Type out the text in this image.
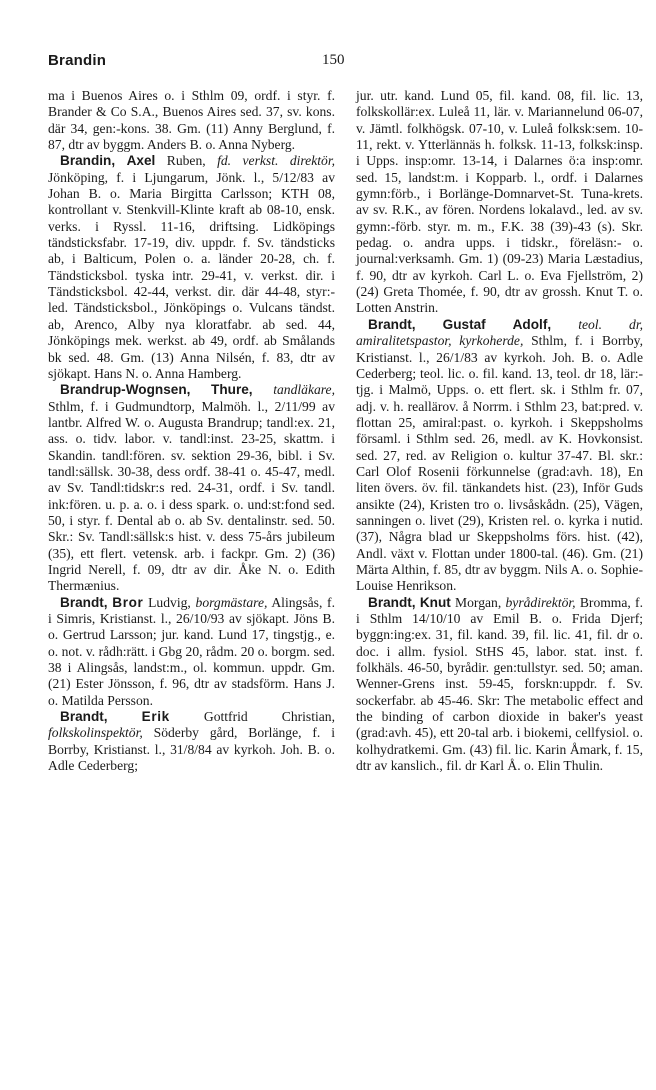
Brandin	150

ma i Buenos Aires o. i Sthlm 09, ordf. i styr. f. Brander & Co S.A., Buenos Aires sed. 37, sv. kons. där 34, gen:-kons. 38. Gm. (11) Anny Berglund, f. 87, dtr av byggm. Anders B. o. Anna Nyberg.

Brandin, Axel Ruben, fd. verkst. direktör, Jönköping, f. i Ljungarum, Jönk. l., 5/12/83 av Johan B. o. Maria Birgitta Carlsson; KTH 08, kontrollant v. Stenkvill-Klinte kraft ab 08-10, ensk. verks. i Ryssl. 11-16, driftsing. Lidköpings tändsticksfabr. 17-19, div. uppdr. f. Sv. tändsticks ab, i Balticum, Polen o. a. länder 20-28, ch. f. Tändsticksbol. tyska intr. 29-41, v. verkst. dir. i Tändsticksbol. 42-44, verkst. dir. där 44-48, styr:-led. Tändsticksbol., Jönköpings o. Vulcans tändst. ab, Arenco, Alby nya kloratfabr. ab sed. 44, Jönköpings mek. werkst. ab 49, ordf. ab Smålands bk sed. 48. Gm. (13) Anna Nilsén, f. 83, dtr av sjökapt. Hans N. o. Anna Hamberg.

Brandrup-Wognsen, Thure, tandläkare, Sthlm, f. i Gudmundtorp, Malmöh. l., 2/11/99 av lantbr. Alfred W. o. Augusta Brandrup; tandl:ex. 21, ass. o. tidv. labor. v. tandl:inst. 23-25, skattm. i Skandin. tandl:fören. sv. sektion 29-36, bibl. i Sv. tandl:sällsk. 30-38, dess ordf. 38-41 o. 45-47, medl. av Sv. Tandl:tidskr:s red. 24-31, ordf. i Sv. tandl. ink:fören. u. p. a. o. i dess spark. o. und:st:fond sed. 50, i styr. f. Dental ab o. ab Sv. dentalinstr. sed. 50. Skr.: Sv. Tandl:sällsk:s hist. v. dess 75-års jubileum (35), ett flert. vetensk. arb. i fackpr. Gm. 2) (36) Ingrid Nerell, f. 09, dtr av dir. Åke N. o. Edith Thermænius.

Brandt, Bror Ludvig, borgmästare, Alingsås, f. i Simris, Kristianst. l., 26/10/93 av sjökapt. Jöns B. o. Gertrud Larsson; jur. kand. Lund 17, tingstjg., e. o. not. v. rådh:rätt. i Gbg 20, rådm. 20 o. borgm. sed. 38 i Alingsås, landst:m., ol. kommun. uppdr. Gm. (21) Ester Jönsson, f. 96, dtr av stadsförm. Hans J. o. Matilda Persson.

Brandt,	Erik	Gottfrid Christian, folkskolinspektör, Söderby gård, Borlänge, f. i Borrby, Kristianst. l., 31/8/84 av kyrkoh. Joh. B. o. Adle Cederberg;

jur. utr. kand. Lund 05, fil. kand. 08, fil. lic. 13, folkskollär:ex. Luleå 11, lär. v. Mariannelund 06-07, v. Jämtl. folkhögsk. 07-10, v. Luleå folksk:sem. 10-11, rekt. v. Ytterlännäs h. folksk. 11-13, folksk:insp. i Upps. insp:omr. 13-14, i Dalarnes ö:a insp:omr. sed. 15, landst:m. i Kopparb. l., ordf. i Dalarnes gymn:förb., i Borlänge-Domnarvet-St. Tuna-krets. av sv. R.K., av fören. Nordens lokalavd., led. av sv. gymn:-förb. styr. m. m., F.K. 38 (39)-43 (s). Skr. pedag. o. andra upps. i tidskr., föreläsn:- o. journal:verksamh. Gm. 1) (09-23) Maria Læstadius, f. 90, dtr av kyrkoh. Carl L. o. Eva Fjellström, 2) (24) Greta Thomée, f. 90, dtr av grossh. Knut T. o. Lotten Anstrin.

Brandt, Gustaf Adolf, teol. dr, amiralitetspastor, kyrkoherde, Sthlm, f. i Borrby, Kristianst. l., 26/1/83 av kyrkoh. Joh. B. o. Adle Cederberg; teol. lic. o. fil. kand. 13, teol. dr 18, lär:-tjg. i Malmö, Upps. o. ett flert. sk. i Sthlm fr. 07, adj. v. h. reallärov. å Norrm. i Sthlm 23, bat:pred. v. flottan 25, amiral:past. o. kyrkoh. i Skeppsholms församl. i Sthlm sed. 26, medl. av K. Hovkonsist. sed. 27, red. av Religion o. kultur 37-47. Bl. skr.: Carl Olof Rosenii förkunnelse (grad:avh. 18), En liten övers. öv. fil. tänkandets hist. (23), Inför Guds ansikte (24), Kristen tro o. livsåskådn. (25), Vägen, sanningen o. livet (29), Kristen rel. o. kyrka i nutid. (37), Några blad ur Skeppsholms förs. hist. (42), Andl. växt v. Flottan under 1800-tal. (46). Gm. (21) Märta Althin, f. 85, dtr av byggm. Nils A. o. Sophie-Louise Henrikson.

Brandt, Knut Morgan, byrådirektör, Bromma, f. i Sthlm 14/10/10 av Emil B. o. Frida Djerf; byggn:ing:ex. 31, fil. kand. 39, fil. lic. 41, fil. dr o. doc. i allm. fysiol. StHS 45, labor. stat. inst. f. folkhäls. 46-50, byrådir. gen:tullstyr. sed. 50; aman. Wenner-Grens inst. 59-45, forskn:uppdr. f. Sv. sockerfabr. ab 45-46. Skr: The metabolic effect and the binding of carbon dioxide in baker's yeast (grad:avh. 45), ett 20-tal arb. i biokemi, cellfysiol. o. kolhydratkemi. Gm. (43) fil. lic. Karin Åmark, f. 15, dtr av kanslich., fil. dr Karl Å. o. Elin Thulin.
